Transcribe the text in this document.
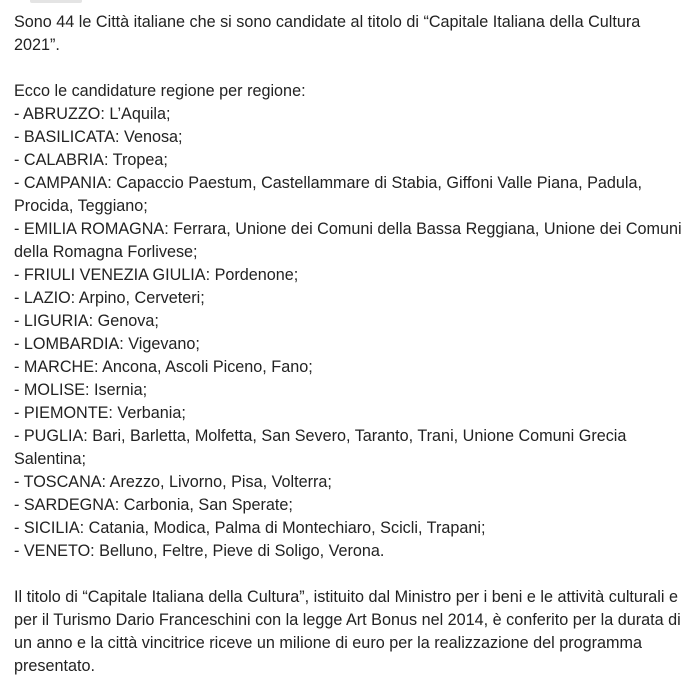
Sono 44 le Città italiane che si sono candidate al titolo di “Capitale Italiana della Cultura 2021”.

Ecco le candidature regione per regione:

- ABRUZZO: L’Aquila;
- BASILICATA: Venosa;
- CALABRIA: Tropea;
- CAMPANIA: Capaccio Paestum, Castellammare di Stabia, Giffoni Valle Piana, Padula, Procida, Teggiano;
- EMILIA ROMAGNA: Ferrara, Unione dei Comuni della Bassa Reggiana, Unione dei Comuni della Romagna Forlivese;
- FRIULI VENEZIA GIULIA: Pordenone;
- LAZIO: Arpino, Cerveteri;
- LIGURIA: Genova;
- LOMBARDIA: Vigevano;
- MARCHE: Ancona, Ascoli Piceno, Fano;
- MOLISE: Isernia;
- PIEMONTE: Verbania;
- PUGLIA: Bari, Barletta, Molfetta, San Severo, Taranto, Trani, Unione Comuni Grecia Salentina;
- TOSCANA: Arezzo, Livorno, Pisa, Volterra;
- SARDEGNA: Carbonia, San Sperate;
- SICILIA: Catania, Modica, Palma di Montechiaro, Scicli, Trapani;
- VENETO: Belluno, Feltre, Pieve di Soligo, Verona.

Il titolo di “Capitale Italiana della Cultura”, istituito dal Ministro per i beni e le attività culturali e per il Turismo Dario Franceschini con la legge Art Bonus nel 2014, è conferito per la durata di un anno e la città vincitrice riceve un milione di euro per la realizzazione del programma presentato.
